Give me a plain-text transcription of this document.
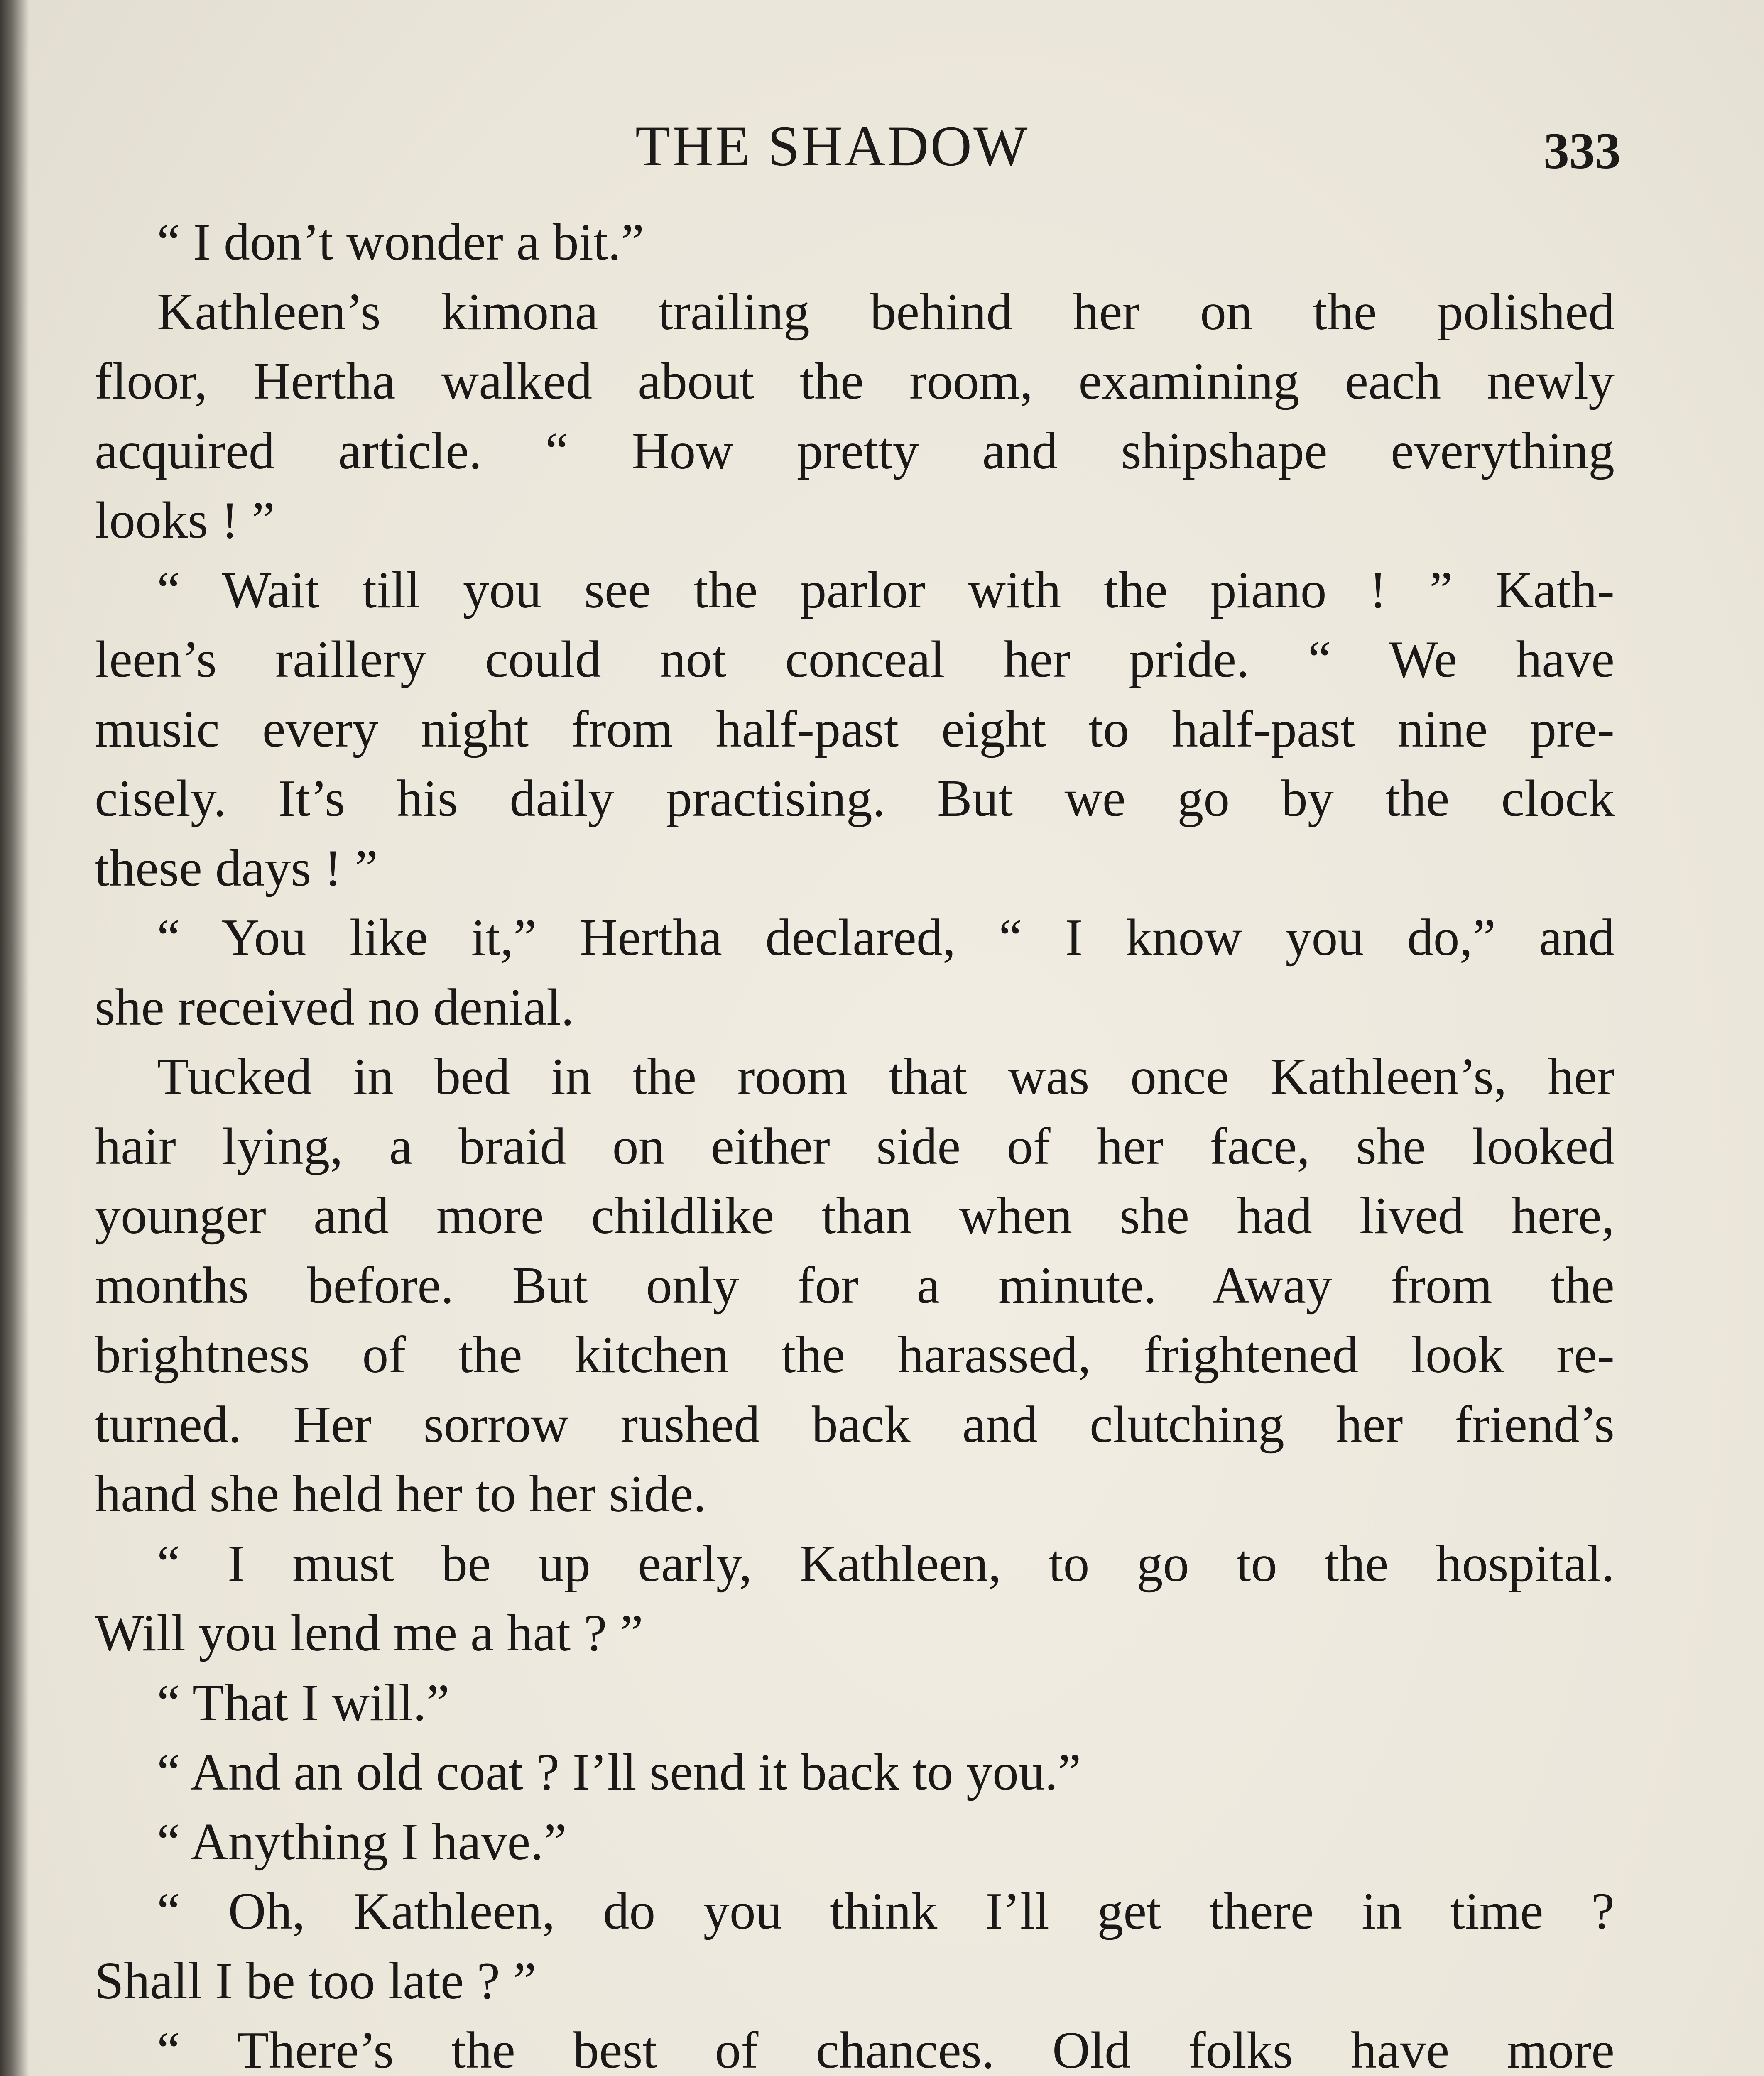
THE SHADOW	333

“ I don’t wonder a bit.”

Kathleen’s kimona trailing behind her on the polished

floor, Hertha walked about the room, examining each newly

acquired article. “ How pretty and shipshape everything

looks ! ”

“ Wait till you see the parlor with the piano ! ” Kath-

leen’s raillery could not conceal her pride. “ We have

music every night from half-past eight to half-past nine pre-

cisely. It’s his daily practising. But we go by the clock

these days ! ”

“ You like it,” Hertha declared, “ I know you do,” and

she received no denial.

Tucked in bed in the room that was once Kathleen’s, her

hair lying, a braid on either side of her face, she looked

younger and more childlike than when she had lived here,

months before. But only for a minute. Away from the

brightness of the kitchen the harassed, frightened look re-

turned. Her sorrow rushed back and clutching her friend’s

hand she held her to her side.

“ I must be up early, Kathleen, to go to the hospital.

Will you lend me a hat ? ”

“ That I will.”

“ And an old coat ? I’ll send it back to you.”

“ Anything I have.”

“ Oh, Kathleen, do you think I’ll get there in time ?

Shall I be too late ? ”

“ There’s the best of chances. Old folks have more
